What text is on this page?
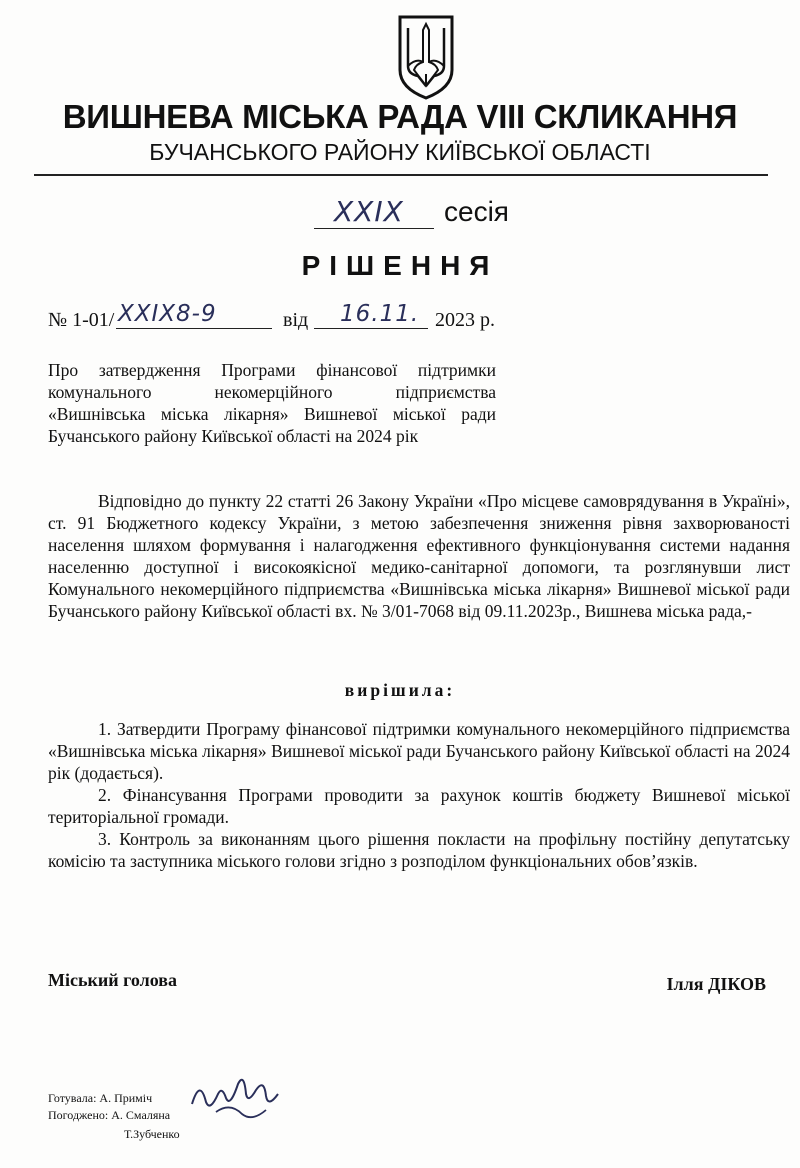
ВИШНЕВА МІСЬКА РАДА VIII СКЛИКАННЯ
БУЧАНСЬКОГО РАЙОНУ КИЇВСЬКОЇ ОБЛАСТІ
XXIX сесія
РІШЕННЯ
№ 1-01/ XXIX8-9	від 16.11. 2023 р.
Про затвердження Програми фінансової підтримки
комунального некомерційного підприємства
«Вишнівська міська лікарня» Вишневої міської ради
Бучанського району Київської області на 2024 рік

Відповідно до пункту 22 статті 26 Закону України «Про місцеве самоврядування в Україні», ст. 91 Бюджетного кодексу України, з метою забезпечення зниження рівня захворюваності населення шляхом формування і налагодження ефективного функціонування системи надання населенню доступної і високоякісної медико-санітарної допомоги, та розглянувши лист Комунального некомерційного підприємства «Вишнівська міська лікарня» Вишневої міської ради Бучанського району Київської області вх. № 3/01-7068 від 09.11.2023р., Вишнева міська рада,-

вирішила:

1. Затвердити Програму фінансової підтримки комунального некомерційного підприємства «Вишнівська міська лікарня» Вишневої міської ради Бучанського району Київської області на 2024 рік (додається).

2. Фінансування Програми проводити за рахунок коштів бюджету Вишневої міської територіальної громади.

3. Контроль за виконанням цього рішення покласти на профільну постійну депутатську комісію та заступника міського голови згідно з розподілом функціональних обов’язків.

Міський голова	Ілля ДІКОВ
Готувала: А. Приміч
Погоджено: А. Смаляна
Т.Зубченко
